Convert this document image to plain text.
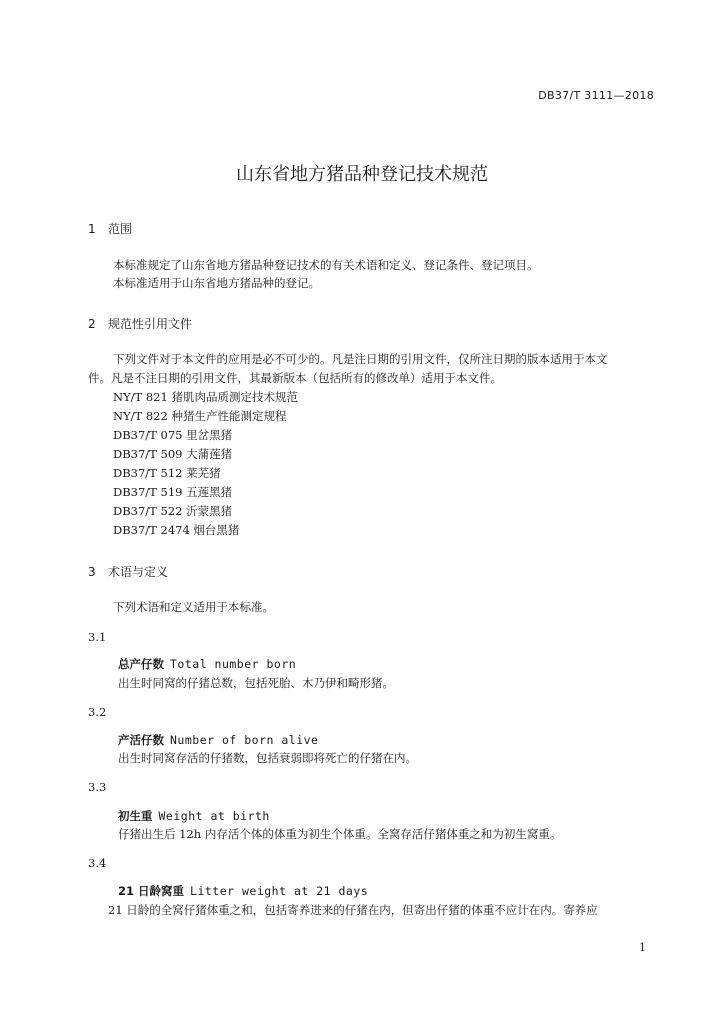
DB37/T 3111—2018
山东省地方猪品种登记技术规范
1 范围
本标准规定了山东省地方猪品种登记技术的有关术语和定义、登记条件、登记项目。
本标准适用于山东省地方猪品种的登记。
2 规范性引用文件
下列文件对于本文件的应用是必不可少的。凡是注日期的引用文件，仅所注日期的版本适用于本文
件。凡是不注日期的引用文件，其最新版本（包括所有的修改单）适用于本文件。
NY/T 821 猪肌肉品质测定技术规范
NY/T 822 种猪生产性能测定规程
DB37/T 075 里岔黑猪
DB37/T 509 大蒲莲猪
DB37/T 512 莱芜猪
DB37/T 519 五莲黑猪
DB37/T 522 沂蒙黑猪
DB37/T 2474 烟台黑猪
3 术语与定义
下列术语和定义适用于本标准。
3.1
总产仔数 Total number born
出生时同窝的仔猪总数，包括死胎、木乃伊和畸形猪。
3.2
产活仔数 Number of born alive
出生时同窝存活的仔猪数，包括衰弱即将死亡的仔猪在内。
3.3
初生重 Weight at birth
仔猪出生后 12h 内存活个体的体重为初生个体重。全窝存活仔猪体重之和为初生窝重。
3.4
21 日龄窝重 Litter weight at 21 days
21 日龄的全窝仔猪体重之和，包括寄养进来的仔猪在内，但寄出仔猪的体重不应计在内。寄养应
1
